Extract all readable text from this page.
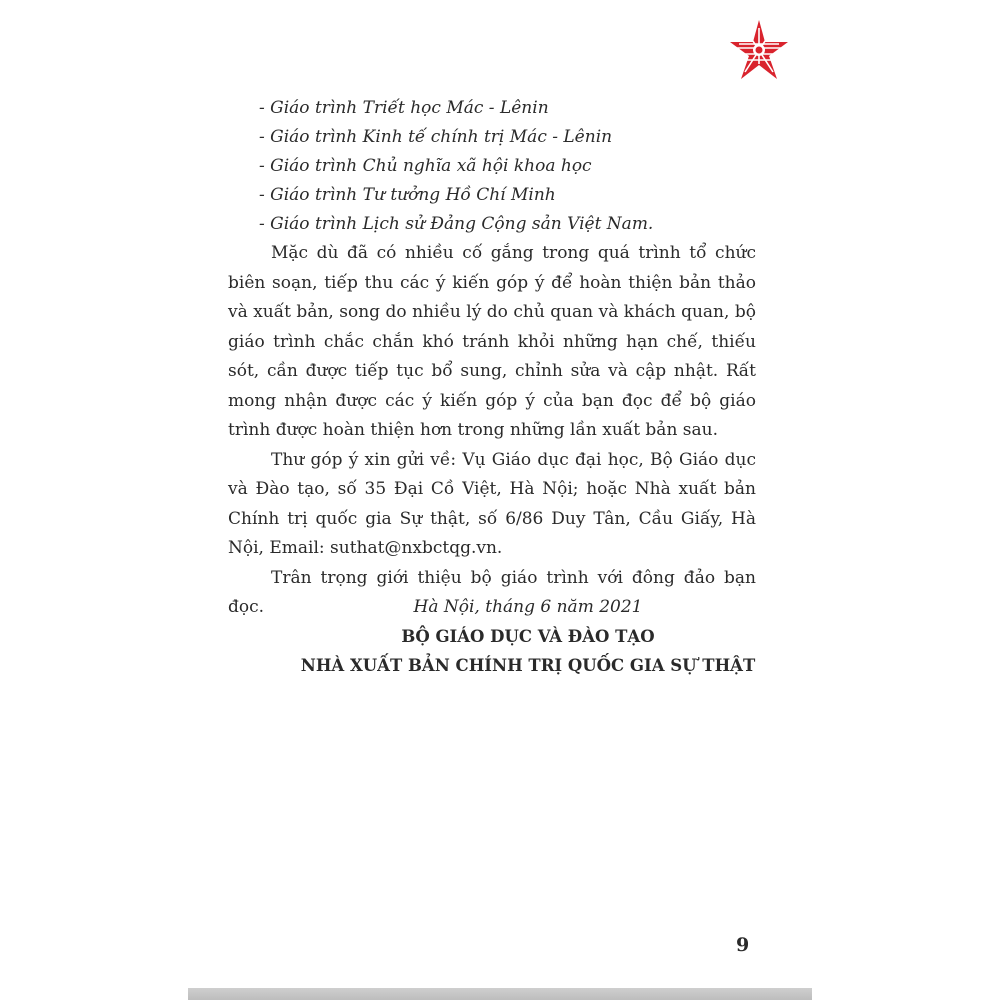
- Giáo trình Triết học Mác - Lênin
- Giáo trình Kinh tế chính trị Mác - Lênin
- Giáo trình Chủ nghĩa xã hội khoa học
- Giáo trình Tư tưởng Hồ Chí Minh
- Giáo trình Lịch sử Đảng Cộng sản Việt Nam.

Mặc dù đã có nhiều cố gắng trong quá trình tổ chức biên soạn, tiếp thu các ý kiến góp ý để hoàn thiện bản thảo và xuất bản, song do nhiều lý do chủ quan và khách quan, bộ giáo trình chắc chắn khó tránh khỏi những hạn chế, thiếu sót, cần được tiếp tục bổ sung, chỉnh sửa và cập nhật. Rất mong nhận được các ý kiến góp ý của bạn đọc để bộ giáo trình được hoàn thiện hơn trong những lần xuất bản sau.

Thư góp ý xin gửi về: Vụ Giáo dục đại học, Bộ Giáo dục và Đào tạo, số 35 Đại Cồ Việt, Hà Nội; hoặc Nhà xuất bản Chính trị quốc gia Sự thật, số 6/86 Duy Tân, Cầu Giấy, Hà Nội, Email: suthat@nxbctqg.vn.

Trân trọng giới thiệu bộ giáo trình với đông đảo bạn đọc.	Hà Nội, tháng 6 năm 2021
BỘ GIÁO DỤC VÀ ĐÀO TẠO
NHÀ XUẤT BẢN CHÍNH TRỊ QUỐC GIA SỰ THẬT
9
